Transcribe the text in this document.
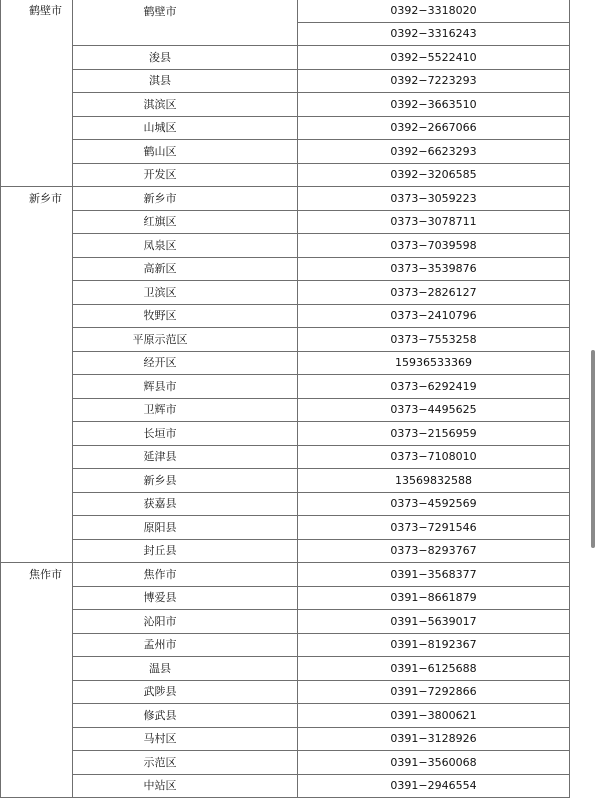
鹤壁市	鹤壁市	0392−3318020
		0392−3316243
	浚县	0392−5522410
	淇县	0392−7223293
	淇滨区	0392−3663510
	山城区	0392−2667066
	鹤山区	0392−6623293
	开发区	0392−3206585
新乡市	新乡市	0373−3059223
	红旗区	0373−3078711
	凤泉区	0373−7039598
	高新区	0373−3539876
	卫滨区	0373−2826127
	牧野区	0373−2410796
	平原示范区	0373−7553258
	经开区	15936533369
	辉县市	0373−6292419
	卫辉市	0373−4495625
	长垣市	0373−2156959
	延津县	0373−7108010
	新乡县	13569832588
	获嘉县	0373−4592569
	原阳县	0373−7291546
	封丘县	0373−8293767
焦作市	焦作市	0391−3568377
	博爱县	0391−8661879
	沁阳市	0391−5639017
	孟州市	0391−8192367
	温县	0391−6125688
	武陟县	0391−7292866
	修武县	0391−3800621
	马村区	0391−3128926
	示范区	0391−3560068
	中站区	0391−2946554
